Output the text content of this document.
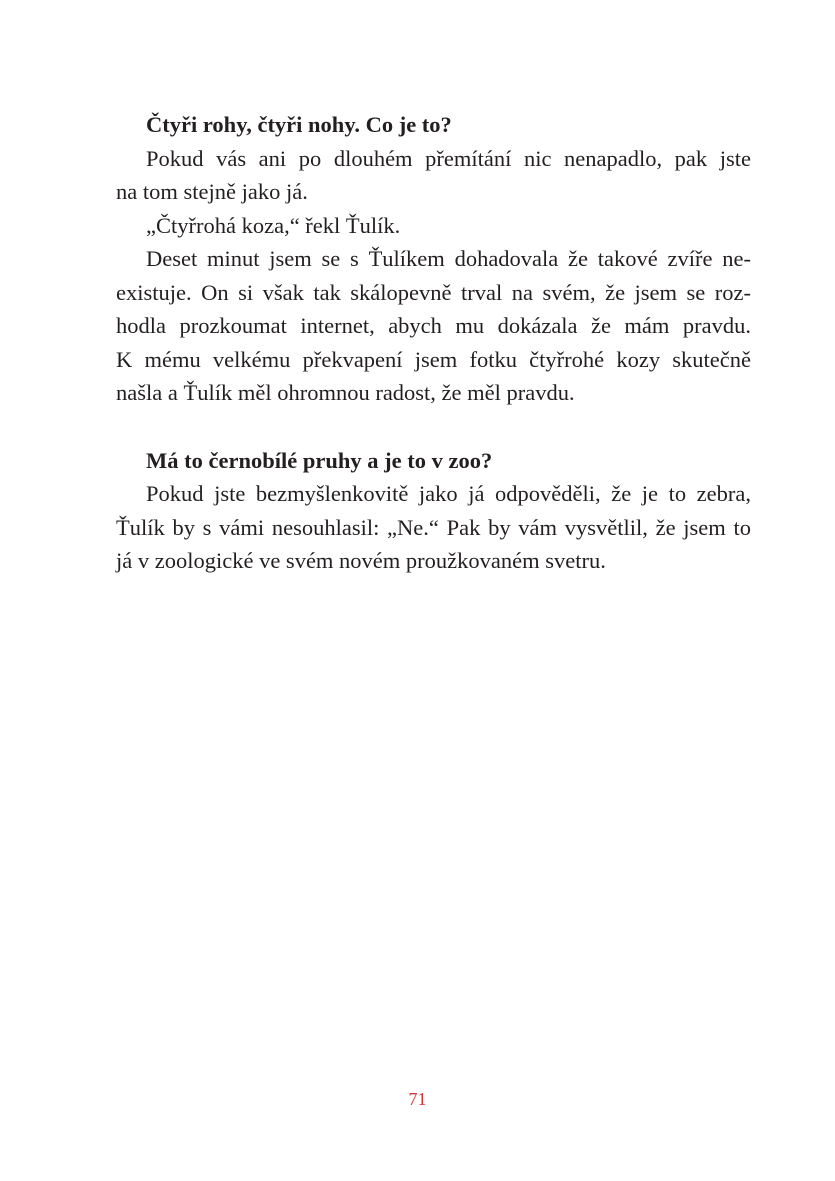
Čtyři rohy, čtyři nohy. Co je to?
Pokud vás ani po dlouhém přemítání nic nenapadlo, pak jste
na tom stejně jako já.
„Čtyřrohá koza,“ řekl Ťulík.
Deset minut jsem se s Ťulíkem dohadovala že takové zvíře ne-
existuje. On si však tak skálopevně trval na svém, že jsem se roz-
hodla prozkoumat internet, abych mu dokázala že mám pravdu.
K mému velkému překvapení jsem fotku čtyřrohé kozy skutečně
našla a Ťulík měl ohromnou radost, že měl pravdu.
Má to černobílé pruhy a je to v zoo?
Pokud jste bezmyšlenkovitě jako já odpověděli, že je to zebra,
Ťulík by s vámi nesouhlasil: „Ne.“ Pak by vám vysvětlil, že jsem to
já v zoologické ve svém novém proužkovaném svetru.
71
